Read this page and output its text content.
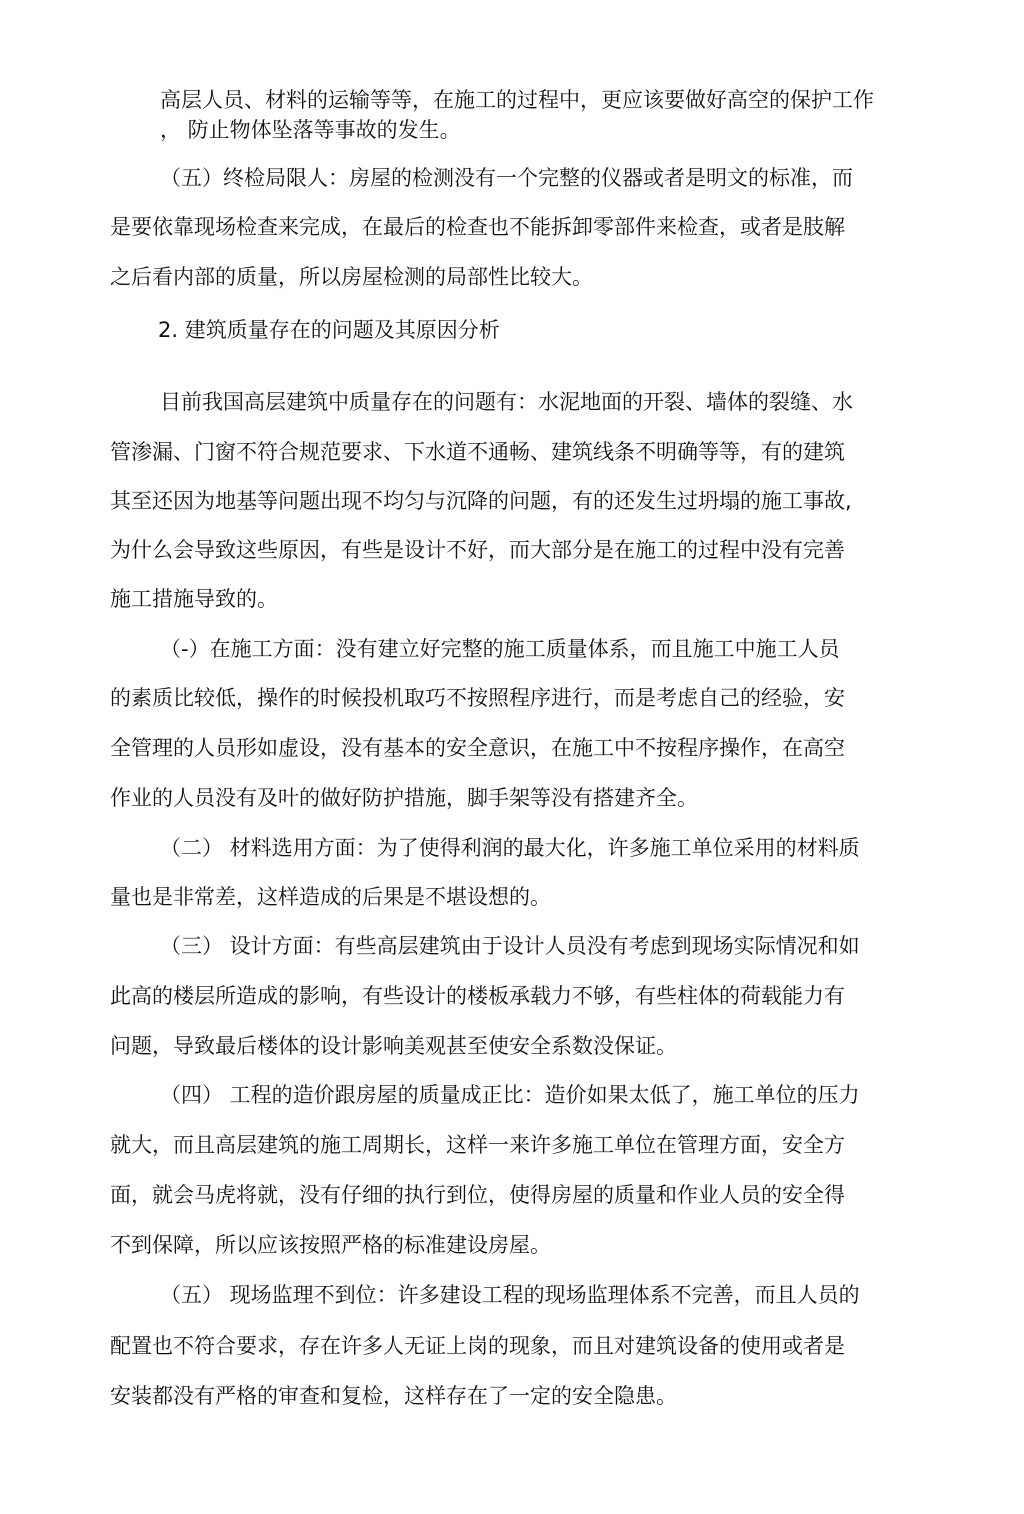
高层人员、材料的运输等等，在施工的过程中，更应该要做好高空的保护工作

， 防止物体坠落等事故的发生。

（五）终检局限人：房屋的检测没有一个完整的仪器或者是明文的标准，而

是要依靠现场检查来完成，在最后的检查也不能拆卸零部件来检查，或者是肢解

之后看内部的质量，所以房屋检测的局部性比较大。

2. 建筑质量存在的问题及其原因分析

目前我国高层建筑中质量存在的问题有：水泥地面的开裂、墙体的裂缝、水

管渗漏、门窗不符合规范要求、下水道不通畅、建筑线条不明确等等，有的建筑

其至还因为地基等问题出现不均匀与沉降的问题，有的还发生过坍塌的施工事故,

为什么会导致这些原因，有些是设计不好，而大部分是在施工的过程中没有完善

施工措施导致的。

（-）在施工方面：没有建立好完整的施工质量体系，而且施工中施工人员

的素质比较低，操作的时候投机取巧不按照程序进行，而是考虑自己的经验，安

全管理的人员形如虚设，没有基本的安全意识，在施工中不按程序操作，在高空

作业的人员没有及叶的做好防护措施，脚手架等没有搭建齐全。

（二） 材料选用方面：为了使得利润的最大化，许多施工单位采用的材料质

量也是非常差，这样造成的后果是不堪设想的。

（三） 设计方面：有些高层建筑由于设计人员没有考虑到现场实际情况和如

此高的楼层所造成的影响，有些设计的楼板承载力不够，有些柱体的荷载能力有

问题，导致最后楼体的设计影响美观甚至使安全系数没保证。

（四） 工程的造价跟房屋的质量成正比：造价如果太低了，施工单位的压力

就大，而且高层建筑的施工周期长，这样一来许多施工单位在管理方面，安全方

面，就会马虎将就，没有仔细的执行到位，使得房屋的质量和作业人员的安全得

不到保障，所以应该按照严格的标准建设房屋。

（五） 现场监理不到位：许多建设工程的现场监理体系不完善，而且人员的

配置也不符合要求，存在许多人无证上岗的现象，而且对建筑设备的使用或者是

安装都没有严格的审查和复检，这样存在了一定的安全隐患。
